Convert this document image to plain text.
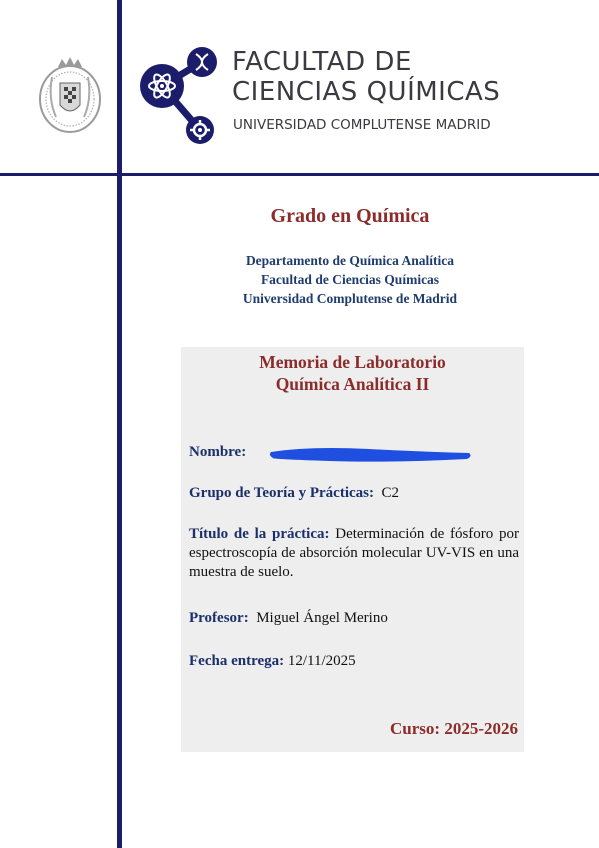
FACULTAD DE
CIENCIAS QUÍMICAS
UNIVERSIDAD COMPLUTENSE MADRID
Grado en Química
Departamento de Química Analítica
Facultad de Ciencias Químicas
Universidad Complutense de Madrid
Memoria de Laboratorio
Química Analítica II
Nombre:
Grupo de Teoría y Prácticas: C2
Título de la práctica: Determinación de fósforo por espectroscopía de absorción molecular UV-VIS en una muestra de suelo.
Profesor: Miguel Ángel Merino
Fecha entrega: 12/11/2025
Curso: 2025-2026
